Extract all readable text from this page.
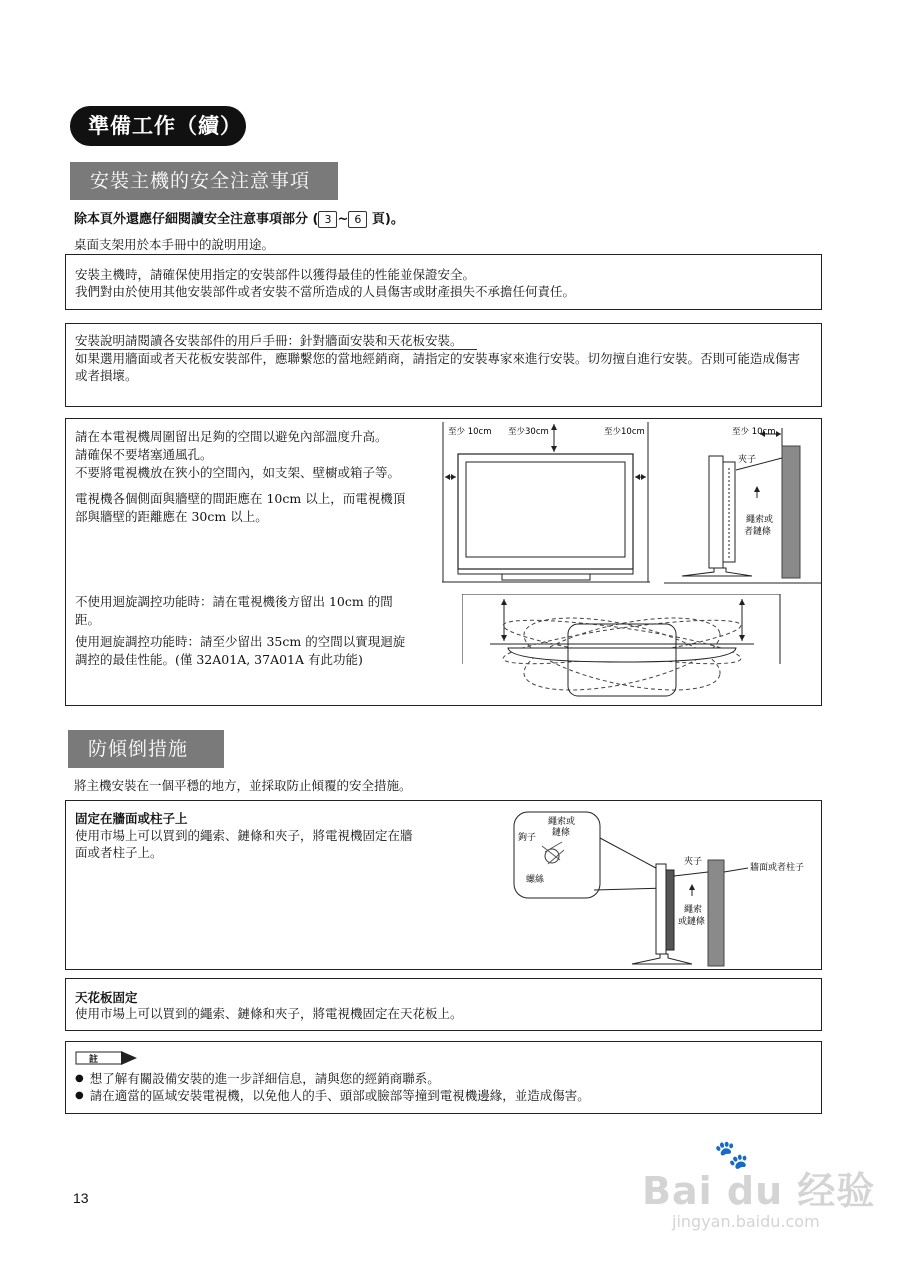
準備工作（續）
安裝主機的安全注意事項
除本頁外還應仔細閱讀安全注意事項部分 ( 3 ~ 6 頁)。
桌面支架用於本手冊中的說明用途。
安裝主機時，請確保使用指定的安裝部件以獲得最佳的性能並保證安全。
我們對由於使用其他安裝部件或者安裝不當所造成的人員傷害或財產損失不承擔任何責任。
安裝說明請閱讀各安裝部件的用戶手冊：針對牆面安裝和天花板安裝。
如果選用牆面或者天花板安裝部件，應聯繫您的當地經銷商，請指定的安裝專家來進行安裝。切勿擅自進行安裝。否則可能造成傷害或者損壞。
請在本電視機周圍留出足夠的空間以避免內部溫度升高。
請確保不要堵塞通風孔。
不要將電視機放在狹小的空間內，如支架、壁櫥或箱子等。
電視機各個側面與牆壁的間距應在 10cm 以上，而電視機頂部與牆壁的距離應在 30cm 以上。
不使用迴旋調控功能時：請在電視機後方留出 10cm 的間距。
使用迴旋調控功能時：請至少留出 35cm 的空間以實現迴旋調控的最佳性能。(僅 32A01A, 37A01A 有此功能)
至少 10cm 至少30cm	至少10cm	至少 10cm
夾子
繩索或者鏈條
防傾倒措施
將主機安裝在一個平穩的地方，並採取防止傾覆的安全措施。
固定在牆面或柱子上
使用市場上可以買到的繩索、鏈條和夾子，將電視機固定在牆面或者柱子上。
繩索或鏈條
鉤子
螺絲
夾子
牆面或者柱子
繩索或鏈條
天花板固定
使用市場上可以買到的繩索、鏈條和夾子，將電視機固定在天花板上。
註
● 想了解有關設備安裝的進一步詳細信息，請與您的經銷商聯系。
● 請在適當的區域安裝電視機，以免他人的手、頭部或臉部等撞到電視機邊緣，並造成傷害。
13
🐾
Bai du 经验
jingyan.baidu.com
